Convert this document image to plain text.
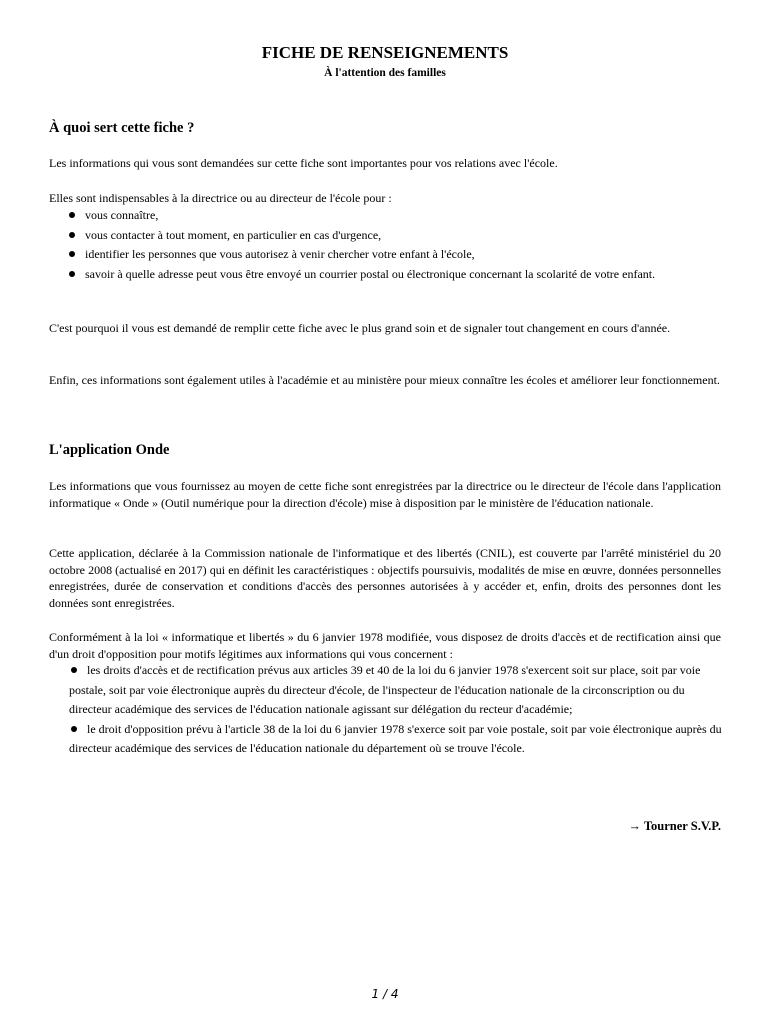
FICHE DE RENSEIGNEMENTS
À l'attention des familles
À quoi sert cette fiche ?
Les informations qui vous sont demandées sur cette fiche sont importantes pour vos relations avec l'école.
Elles sont indispensables à la directrice ou au directeur de l'école pour :
vous connaître,
vous contacter à tout moment, en particulier en cas d'urgence,
identifier les personnes que vous autorisez à venir chercher votre enfant à l'école,
savoir à quelle adresse peut vous être envoyé un courrier postal ou électronique concernant la scolarité de votre enfant.
C'est pourquoi il vous est demandé de remplir cette fiche avec le plus grand soin et de signaler tout changement en cours d'année.
Enfin, ces informations sont également utiles à l'académie et au ministère pour mieux connaître les écoles et améliorer leur fonctionnement.
L'application Onde
Les informations que vous fournissez au moyen de cette fiche sont enregistrées par la directrice ou le directeur de l'école dans l'application informatique « Onde » (Outil numérique pour la direction d'école) mise à disposition par le ministère de l'éducation nationale.
Cette application, déclarée à la Commission nationale de l'informatique et des libertés (CNIL), est couverte par l'arrêté ministériel du 20 octobre 2008 (actualisé en 2017) qui en définit les caractéristiques : objectifs poursuivis, modalités de mise en œuvre, données personnelles enregistrées, durée de conservation et conditions d'accès des personnes autorisées à y accéder et, enfin, droits des personnes dont les données sont enregistrées.
Conformément à la loi « informatique et libertés » du 6 janvier 1978 modifiée, vous disposez de droits d'accès et de rectification ainsi que d'un droit d'opposition pour motifs légitimes aux informations qui vous concernent :
les droits d'accès et de rectification prévus aux articles 39 et 40 de la loi du 6 janvier 1978 s'exercent soit sur place, soit par voie postale, soit par voie électronique auprès du directeur d'école, de l'inspecteur de l'éducation nationale de la circonscription ou du directeur académique des services de l'éducation nationale agissant sur délégation du recteur d'académie;
le droit d'opposition prévu à l'article 38 de la loi du 6 janvier 1978 s'exerce soit par voie postale, soit par voie électronique auprès du directeur académique des services de l'éducation nationale du département où se trouve l'école.
→ Tourner S.V.P.
1 / 4
